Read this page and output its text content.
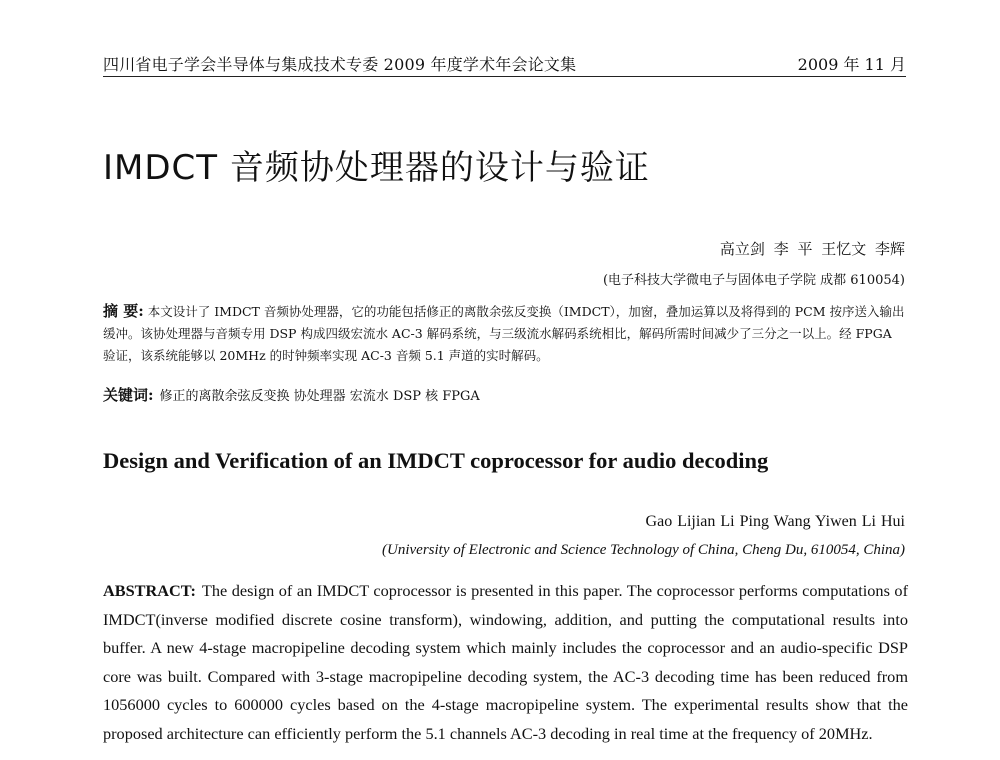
四川省电子学会半导体与集成技术专委 2009 年度学术年会论文集	2009 年 11 月
IMDCT 音频协处理器的设计与验证
高立剑 李 平 王忆文 李辉
(电子科技大学微电子与固体电子学院 成都 610054)
摘 要: 本文设计了 IMDCT 音频协处理器，它的功能包括修正的离散余弦反变换（IMDCT），加窗，叠加运算以及将得到的 PCM 按序送入输出缓冲。该协处理器与音频专用 DSP 构成四级宏流水 AC-3 解码系统，与三级流水解码系统相比，解码所需时间减少了三分之一以上。经 FPGA 验证，该系统能够以 20MHz 的时钟频率实现 AC-3 音频 5.1 声道的实时解码。
关键词: 修正的离散余弦反变换 协处理器 宏流水 DSP 核 FPGA
Design and Verification of an IMDCT coprocessor for audio decoding
Gao Lijian Li Ping Wang Yiwen Li Hui
(University of Electronic and Science Technology of China, Cheng Du, 610054, China)
ABSTRACT: The design of an IMDCT coprocessor is presented in this paper. The coprocessor performs computations of IMDCT(inverse modified discrete cosine transform), windowing, addition, and putting the computational results into buffer. A new 4-stage macropipeline decoding system which mainly includes the coprocessor and an audio-specific DSP core was built. Compared with 3-stage macropipeline decoding system, the AC-3 decoding time has been reduced from 1056000 cycles to 600000 cycles based on the 4-stage macropipeline system. The experimental results show that the proposed architecture can efficiently perform the 5.1 channels AC-3 decoding in real time at the frequency of 20MHz.
